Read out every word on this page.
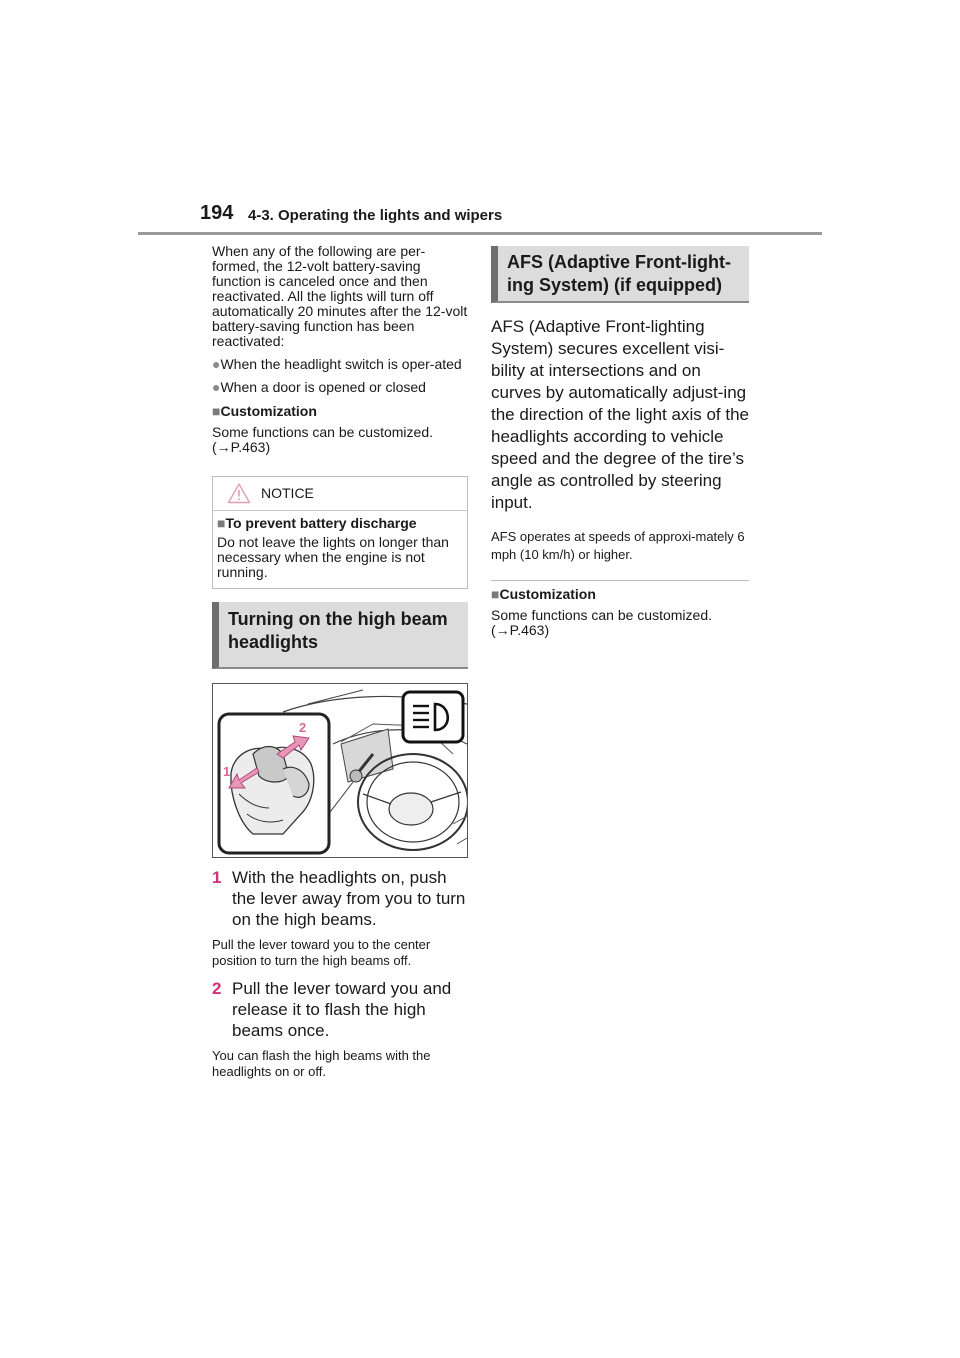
194 4-3. Operating the lights and wipers

When any of the following are per-formed, the 12-volt battery-saving function is canceled once and then reactivated. All the lights will turn off automatically 20 minutes after the 12-volt battery-saving function has been reactivated:

●When the headlight switch is oper-ated

●When a door is opened or closed

■Customization

Some functions can be customized. (→P.463)

NOTICE

■To prevent battery discharge

Do not leave the lights on longer than necessary when the engine is not running.

Turning on the high beam headlights
1
2
1 With the headlights on, push the lever away from you to turn on the high beams.

Pull the lever toward you to the center position to turn the high beams off.

2 Pull the lever toward you and release it to flash the high beams once.

You can flash the high beams with the headlights on or off.

AFS (Adaptive Front-light-ing System) (if equipped)

AFS (Adaptive Front-lighting System) secures excellent visi-bility at intersections and on curves by automatically adjust-ing the direction of the light axis of the headlights according to vehicle speed and the degree of the tire’s angle as controlled by steering input.

AFS operates at speeds of approxi-mately 6 mph (10 km/h) or higher.

■Customization

Some functions can be customized. (→P.463)
